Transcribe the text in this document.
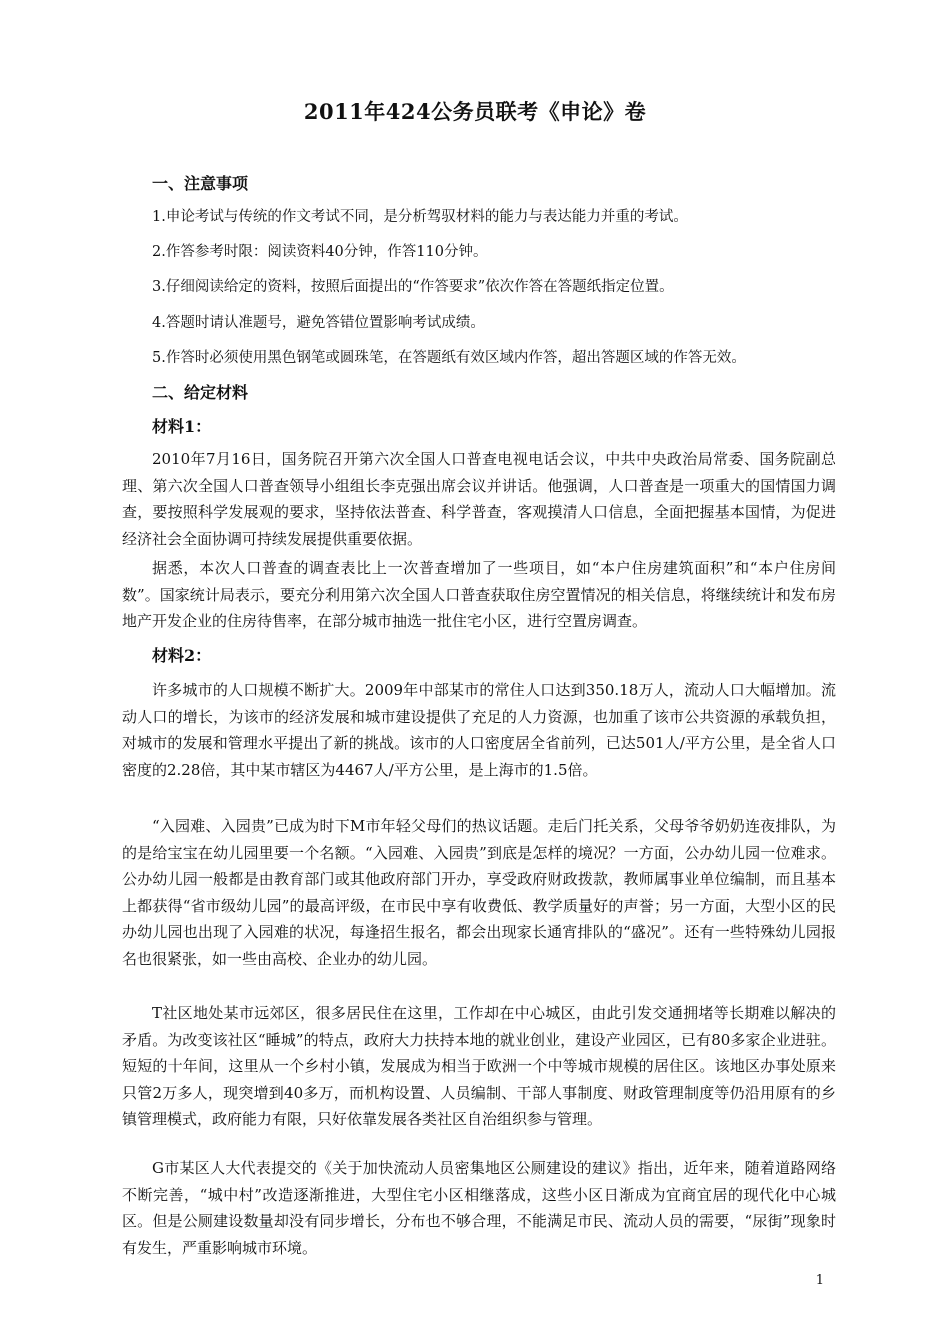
2011年424公务员联考《申论》卷
一、注意事项
1.申论考试与传统的作文考试不同，是分析驾驭材料的能力与表达能力并重的考试。
2.作答参考时限：阅读资料40分钟，作答110分钟。
3.仔细阅读给定的资料，按照后面提出的“作答要求”依次作答在答题纸指定位置。
4.答题时请认准题号，避免答错位置影响考试成绩。
5.作答时必须使用黑色钢笔或圆珠笔，在答题纸有效区域内作答，超出答题区域的作答无效。
二、给定材料
材料1：

2010年7月16日，国务院召开第六次全国人口普查电视电话会议，中共中央政治局常委、国务院副总理、第六次全国人口普查领导小组组长李克强出席会议并讲话。他强调，人口普查是一项重大的国情国力调查，要按照科学发展观的要求，坚持依法普查、科学普查，客观摸清人口信息，全面把握基本国情，为促进经济社会全面协调可持续发展提供重要依据。

据悉，本次人口普查的调查表比上一次普查增加了一些项目，如“本户住房建筑面积”和“本户住房间数”。国家统计局表示，要充分利用第六次全国人口普查获取住房空置情况的相关信息，将继续统计和发布房地产开发企业的住房待售率，在部分城市抽选一批住宅小区，进行空置房调查。

材料2：

许多城市的人口规模不断扩大。2009年中部某市的常住人口达到350.18万人，流动人口大幅增加。流动人口的增长，为该市的经济发展和城市建设提供了充足的人力资源，也加重了该市公共资源的承载负担，对城市的发展和管理水平提出了新的挑战。该市的人口密度居全省前列，已达501人/平方公里，是全省人口密度的2.28倍，其中某市辖区为4467人/平方公里，是上海市的1.5倍。

“入园难、入园贵”已成为时下M市年轻父母们的热议话题。走后门托关系，父母爷爷奶奶连夜排队，为的是给宝宝在幼儿园里要一个名额。“入园难、入园贵”到底是怎样的境况？一方面，公办幼儿园一位难求。公办幼儿园一般都是由教育部门或其他政府部门开办，享受政府财政拨款，教师属事业单位编制，而且基本上都获得“省市级幼儿园”的最高评级，在市民中享有收费低、教学质量好的声誉；另一方面，大型小区的民办幼儿园也出现了入园难的状况，每逢招生报名，都会出现家长通宵排队的“盛况”。还有一些特殊幼儿园报名也很紧张，如一些由高校、企业办的幼儿园。

T社区地处某市远郊区，很多居民住在这里，工作却在中心城区，由此引发交通拥堵等长期难以解决的矛盾。为改变该社区“睡城”的特点，政府大力扶持本地的就业创业，建设产业园区，已有80多家企业进驻。短短的十年间，这里从一个乡村小镇，发展成为相当于欧洲一个中等城市规模的居住区。该地区办事处原来只管2万多人，现突增到40多万，而机构设置、人员编制、干部人事制度、财政管理制度等仍沿用原有的乡镇管理模式，政府能力有限，只好依靠发展各类社区自治组织参与管理。

G市某区人大代表提交的《关于加快流动人员密集地区公厕建设的建议》指出，近年来，随着道路网络不断完善，“城中村”改造逐渐推进，大型住宅小区相继落成，这些小区日渐成为宜商宜居的现代化中心城区。但是公厕建设数量却没有同步增长，分布也不够合理，不能满足市民、流动人员的需要，“尿街”现象时有发生，严重影响城市环境。

1
